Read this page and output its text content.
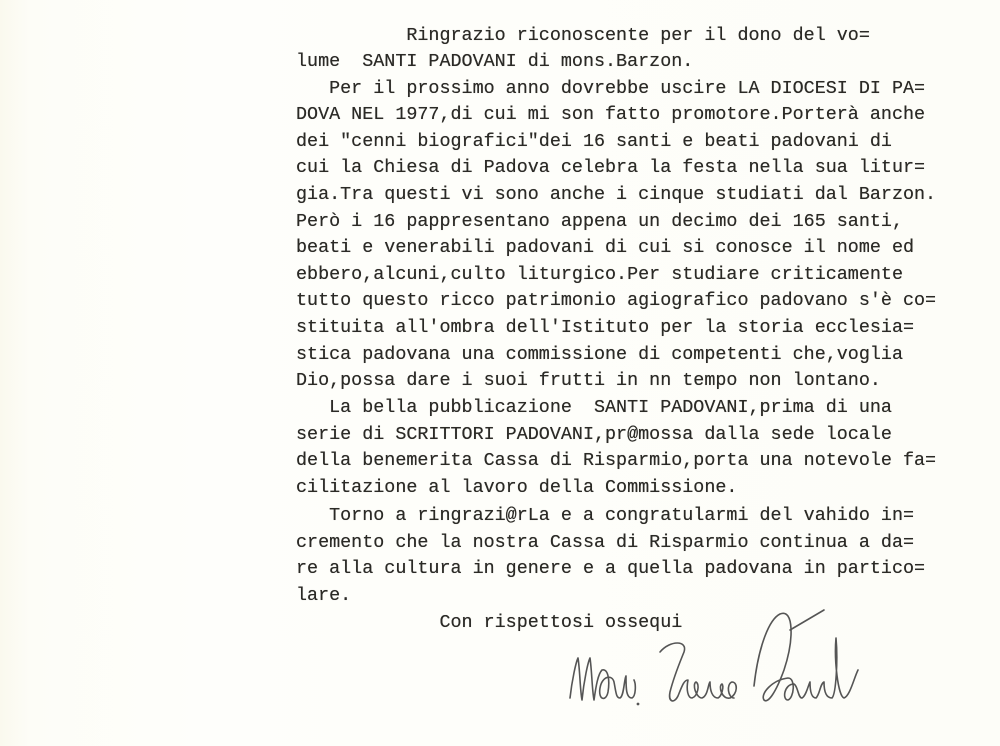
Ringrazio riconoscente per il dono del vo=
lume  SANTI PADOVANI di mons.Barzon.
Per il prossimo anno dovrebbe uscire LA DIOCESI DI PA=
DOVA NEL 1977,di cui mi son fatto promotore.Porterà anche
dei "cenni biografici"dei 16 santi e beati padovani di
cui la Chiesa di Padova celebra la festa nella sua litur=
gia.Tra questi vi sono anche i cinque studiati dal Barzon.
Però i 16 pappresentano appena un decimo dei 165 santi,
beati e venerabili padovani di cui si conosce il nome ed
ebbero,alcuni,culto liturgico.Per studiare criticamente
tutto questo ricco patrimonio agiografico padovano s'è co=
stituita all'ombra dell'Istituto per la storia ecclesia=
stica padovana una commissione di competenti che,voglia
Dio,possa dare i suoi frutti in nn tempo non lontano.
La bella pubblicazione  SANTI PADOVANI,prima di una
serie di SCRITTORI PADOVANI,pr@mossa dalla sede locale
della benemerita Cassa di Risparmio,porta una notevole fa=
cilitazione al lavoro della Commissione.
Torno a ringrazi@rLa e a congratularmi del vahido in=
cremento che la nostra Cassa di Risparmio continua a da=
re alla cultura in genere e a quella padovana in partico=
lare.
Con rispettosi ossequi
